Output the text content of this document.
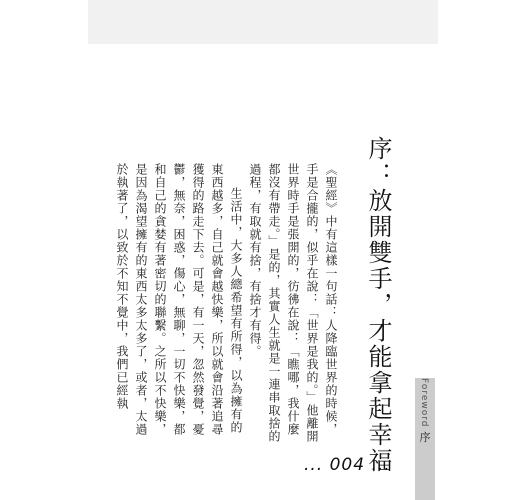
序：放開雙手，才能拿起幸福

《聖經》中有這樣一句話：人降臨世界的時候，手是合攏的，似乎在說：「世界是我的。」他離開世界時手是張開的，彷彿在說：「瞧哪，我什麼都沒有帶走。」是的，其實人生就是一連串取捨的過程，有取就有捨，有捨才有得。

生活中，大多人總希望有所得，以為擁有的東西越多，自己就會越快樂，所以就會沿著追尋獲得的路走下去。可是，有一天，忽然發覺，憂鬱，無奈，困惑，傷心，無聊，一切不快樂，都和自己的貪婪有著密切的聯繫。之所以不快樂，是因為渴望擁有的東西太多太多了，或者，太過於執著了，以致於不知不覺中，我們已經執	Foreword 序
... 004 ...
